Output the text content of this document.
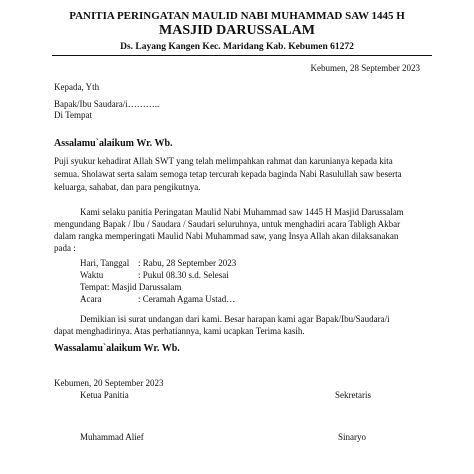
PANITIA PERINGATAN MAULID NABI MUHAMMAD SAW 1445 H
MASJID DARUSSALAM
Ds. Layang Kangen Kec. Maridang Kab. Kebumen 61272
Kebumen, 28 September 2023
Kepada, Yth
Bapak/Ibu Saudara/i………..
Di Tempat
Assalamu`alaikum Wr. Wb.
Puji syukur kehadirat Allah SWT yang telah melimpahkan rahmat dan karunianya kepada kita
semua. Sholawat serta salam semoga tetap tercurah kepada baginda Nabi Rasulullah saw beserta
keluarga, sahabat, dan para pengikutnya.
Kami selaku panitia Peringatan Maulid Nabi Muhammad saw 1445 H Masjid Darussalam
mengundang Bapak / Ibu / Saudara / Saudari seluruhnya, untuk menghadiri acara Tabligh Akbar
dalam rangka memperingati Maulid Nabi Muhammad saw, yang Insya Allah akan dilaksanakan
pada :
Hari, Tanggal : Rabu, 28 September 2023
Waktu	: Pukul 08.30 s.d. Selesai
Tempat: Masjid Darussalam
Acara	: Ceramah Agama Ustad…
Demikian isi surat undangan dari kami. Besar harapan kami agar Bapak/Ibu/Saudara/i
dapat menghadirinya. Atas perhatiannya, kami ucapkan Terima kasih.
Wassalamu`alaikum Wr. Wb.
Kebumen, 20 September 2023
Ketua Panitia	Sekretaris
Muhammad Alief	Sinaryo
